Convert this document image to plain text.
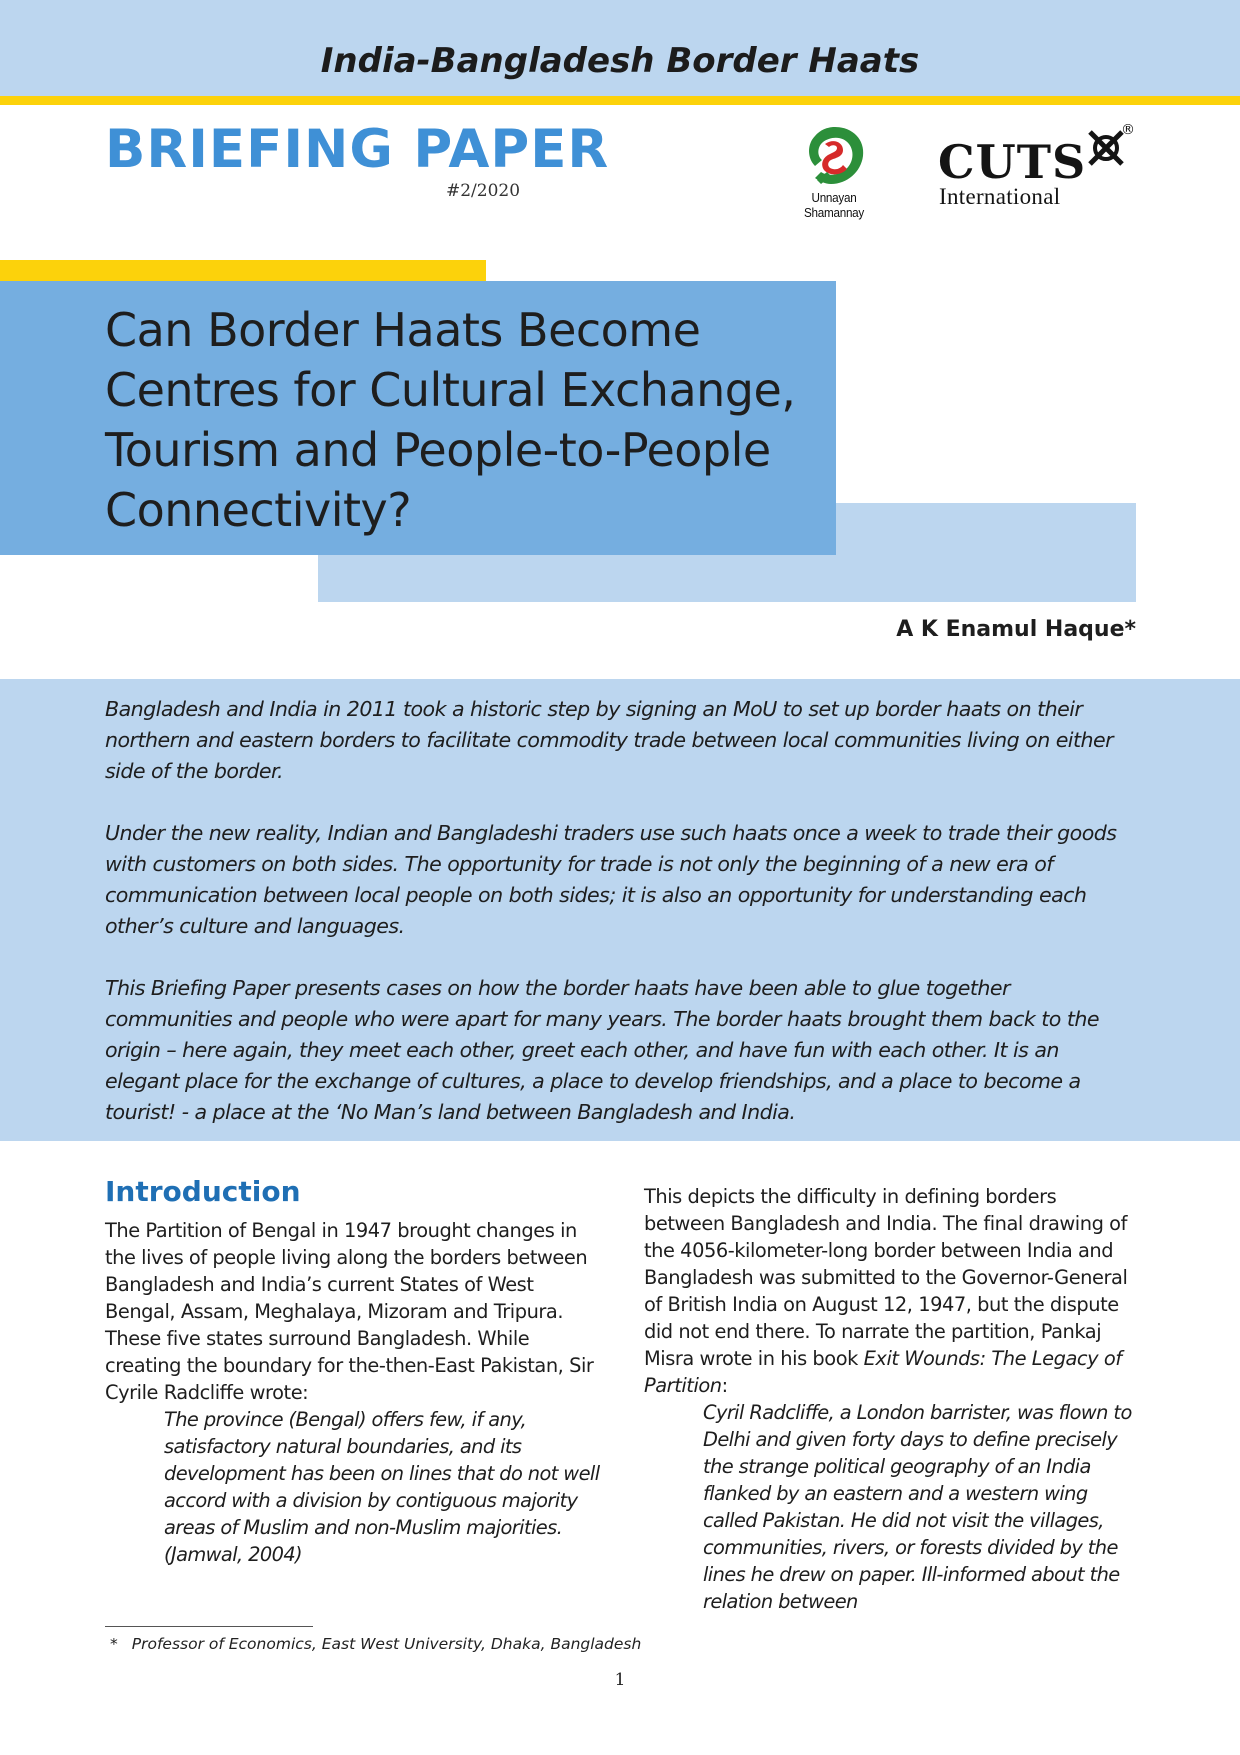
India-Bangladesh Border Haats
BRIEFING PAPER
#2/2020	Unnayan Shamannay
CUTS
International
®
Can Border Haats Become
Centres for Cultural Exchange,
Tourism and People-to-People
Connectivity?
A K Enamul Haque*

Bangladesh and India in 2011 took a historic step by signing an MoU to set up border haats on their northern and eastern borders to facilitate commodity trade between local communities living on either side of the border.

Under the new reality, Indian and Bangladeshi traders use such haats once a week to trade their goods with customers on both sides. The opportunity for trade is not only the beginning of a new era of communication between local people on both sides; it is also an opportunity for understanding each other’s culture and languages.

This Briefing Paper presents cases on how the border haats have been able to glue together communities and people who were apart for many years. The border haats brought them back to the origin – here again, they meet each other, greet each other, and have fun with each other. It is an elegant place for the exchange of cultures, a place to develop friendships, and a place to become a tourist! - a place at the ‘No Man’s land between Bangladesh and India.

Introduction

The Partition of Bengal in 1947 brought changes in the lives of people living along the borders between Bangladesh and India’s current States of West Bengal, Assam, Meghalaya, Mizoram and Tripura. These five states surround Bangladesh. While creating the boundary for the-then-East Pakistan, Sir Cyrile Radcliffe wrote:

The province (Bengal) offers few, if any, satisfactory natural boundaries, and its development has been on lines that do not well accord with a division by contiguous majority areas of Muslim and non-Muslim majorities.(Jamwal, 2004)

This depicts the difficulty in defining borders between Bangladesh and India. The final drawing of the 4056-kilometer-long border between India and Bangladesh was submitted to the Governor-General of British India on August 12, 1947, but the dispute did not end there. To narrate the partition, Pankaj Misra wrote in his book Exit Wounds: The Legacy of Partition:

Cyril Radcliffe, a London barrister, was flown to Delhi and given forty days to define precisely the strange political geography of an India flanked by an eastern and a western wing called Pakistan. He did not visit the villages, communities, rivers, or forests divided by the lines he drew on paper. Ill-informed about the relation between

* Professor of Economics, East West University, Dhaka, Bangladesh
1
